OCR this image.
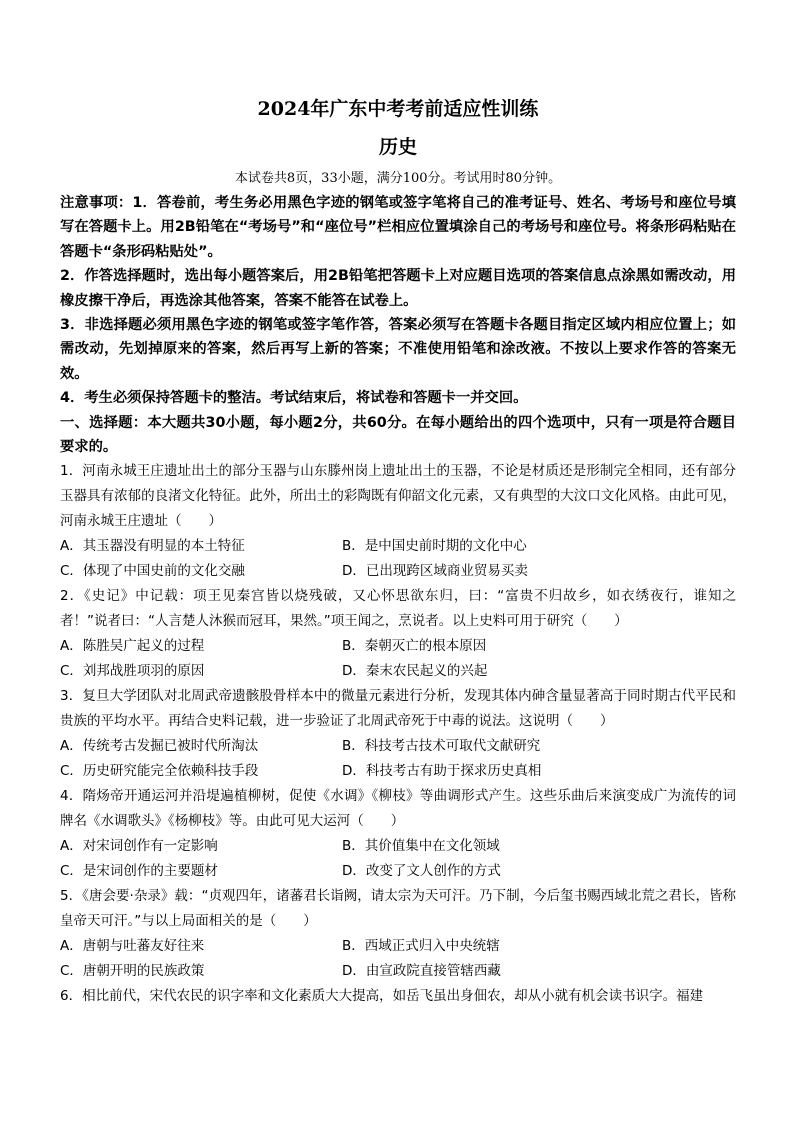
2024年广东中考考前适应性训练
历史

本试卷共8页，33小题，满分100分。考试用时80分钟。

注意事项：1．答卷前，考生务必用黑色字迹的钢笔或签字笔将自己的准考证号、姓名、考场号和座位号填写在答题卡上。用2B铅笔在“考场号”和“座位号”栏相应位置填涂自己的考场号和座位号。将条形码粘贴在答题卡“条形码粘贴处”。

2．作答选择题时，选出每小题答案后，用2B铅笔把答题卡上对应题目选项的答案信息点涂黑如需改动，用橡皮擦干净后，再选涂其他答案，答案不能答在试卷上。

3．非选择题必须用黑色字迹的钢笔或签字笔作答，答案必须写在答题卡各题目指定区域内相应位置上；如需改动，先划掉原来的答案，然后再写上新的答案；不准使用铅笔和涂改液。不按以上要求作答的答案无效。

4．考生必须保持答题卡的整洁。考试结束后，将试卷和答题卡一并交回。

一、选择题：本大题共30小题，每小题2分，共60分。在每小题给出的四个选项中，只有一项是符合题目要求的。

1．河南永城王庄遗址出土的部分玉器与山东滕州岗上遗址出土的玉器，不论是材质还是形制完全相同，还有部分玉器具有浓郁的良渚文化特征。此外，所出土的彩陶既有仰韶文化元素，又有典型的大汶口文化风格。由此可见，河南永城王庄遗址（　　）

A．其玉器没有明显的本土特征	B．是中国史前时期的文化中心
C．体现了中国史前的文化交融	D．已出现跨区域商业贸易买卖

2．《史记》中记载：项王见秦宫皆以烧残破，又心怀思欲东归，曰：“富贵不归故乡，如衣绣夜行，谁知之者！”说者曰：“人言楚人沐猴而冠耳，果然。”项王闻之，烹说者。以上史料可用于研究（　　）

A．陈胜吴广起义的过程	B．秦朝灭亡的根本原因
C．刘邦战胜项羽的原因	D．秦末农民起义的兴起

3．复旦大学团队对北周武帝遗骸股骨样本中的微量元素进行分析，发现其体内砷含量显著高于同时期古代平民和贵族的平均水平。再结合史料记载，进一步验证了北周武帝死于中毒的说法。这说明（　　）

A．传统考古发掘已被时代所淘汰	B．科技考古技术可取代文献研究
C．历史研究能完全依赖科技手段	D．科技考古有助于探求历史真相

4．隋炀帝开通运河并沿堤遍植柳树，促使《水调》《柳枝》等曲调形式产生。这些乐曲后来演变成广为流传的词牌名《水调歌头》《杨柳枝》等。由此可见大运河（　　）

A．对宋词创作有一定影响	B．其价值集中在文化领域
C．是宋词创作的主要题材	D．改变了文人创作的方式

5．《唐会要·杂录》载：“贞观四年，诸蕃君长诣阙，请太宗为天可汗。乃下制，今后玺书赐西域北荒之君长，皆称皇帝天可汗。”与以上局面相关的是（　　）

A．唐朝与吐蕃友好往来	B．西域正式归入中央统辖
C．唐朝开明的民族政策	D．由宣政院直接管辖西藏

6．相比前代，宋代农民的识字率和文化素质大大提高，如岳飞虽出身佃农，却从小就有机会读书识字。福建
